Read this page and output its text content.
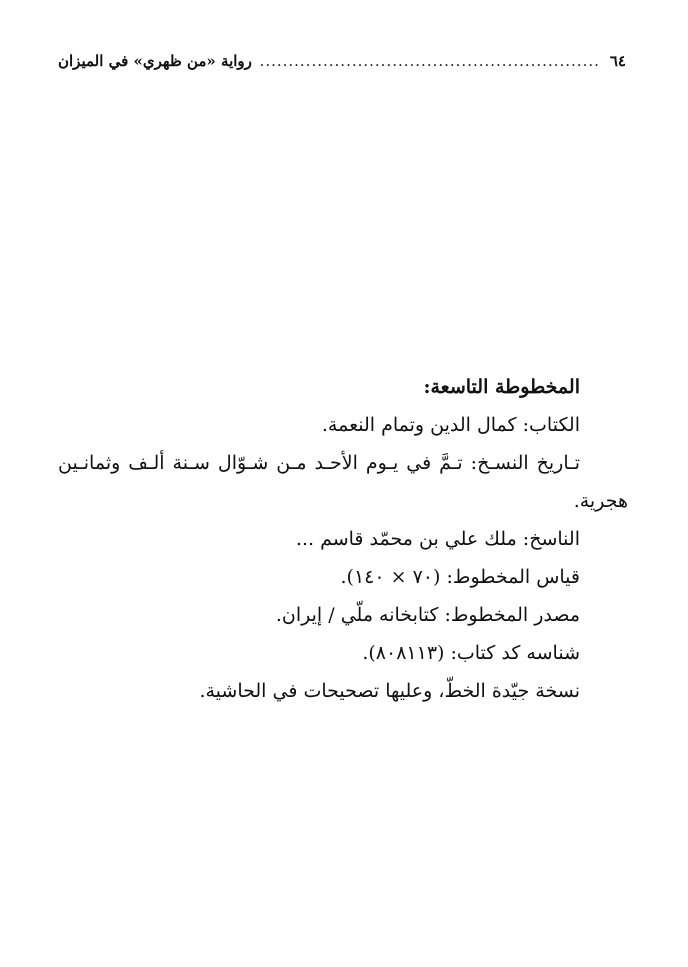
٦٤
.....
رواية «من ظهري» في الميزان

المخطوطة التاسعة:

الكتاب: كمال الدين وتمام النعمة.

تـاريخ النسـخ: تـمَّ في يـوم الأحـد مـن شـوّال سـنة ألـف وثمانـين

هجرية.

الناسخ: ملك علي بن محمّد قاسم ...

قياس المخطوط: (٧٠ × ١٤٠).

مصدر المخطوط: كتابخانه ملّي / إيران.

شناسه كد كتاب: (٨٠٨١١٣).

نسخة جيّدة الخطّ، وعليها تصحيحات في الحاشية.
